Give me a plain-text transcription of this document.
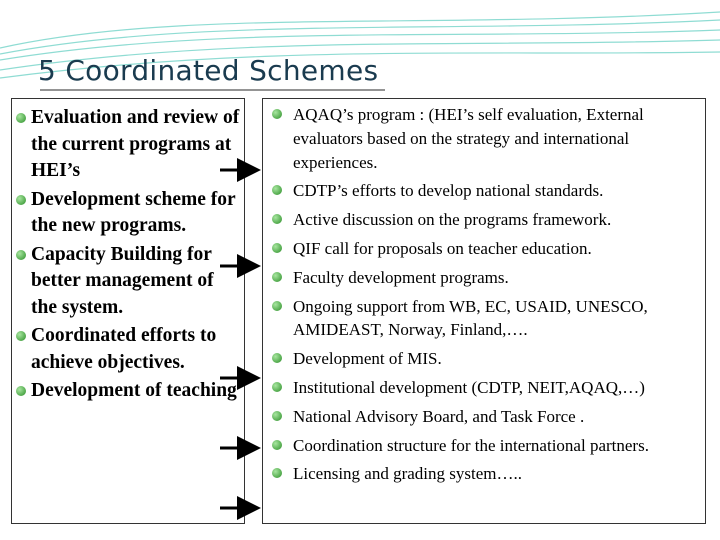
5 Coordinated Schemes
Evaluation and review of the current programs at HEI’s
Development scheme for the new programs.
Capacity Building for better management of the system.
Coordinated efforts to achieve objectives.
Development of teaching
AQAQ’s program : (HEI’s self evaluation, External evaluators based on the strategy and international experiences.
CDTP’s efforts to develop national standards.
Active discussion on the programs framework.
QIF call for proposals on teacher education.
Faculty development programs.
Ongoing support from WB, EC, USAID, UNESCO, AMIDEAST, Norway, Finland,….
Development of MIS.
Institutional development (CDTP, NEIT,AQAQ,…)
National Advisory Board, and Task Force .
Coordination structure for the international partners.
Licensing and grading system…..
